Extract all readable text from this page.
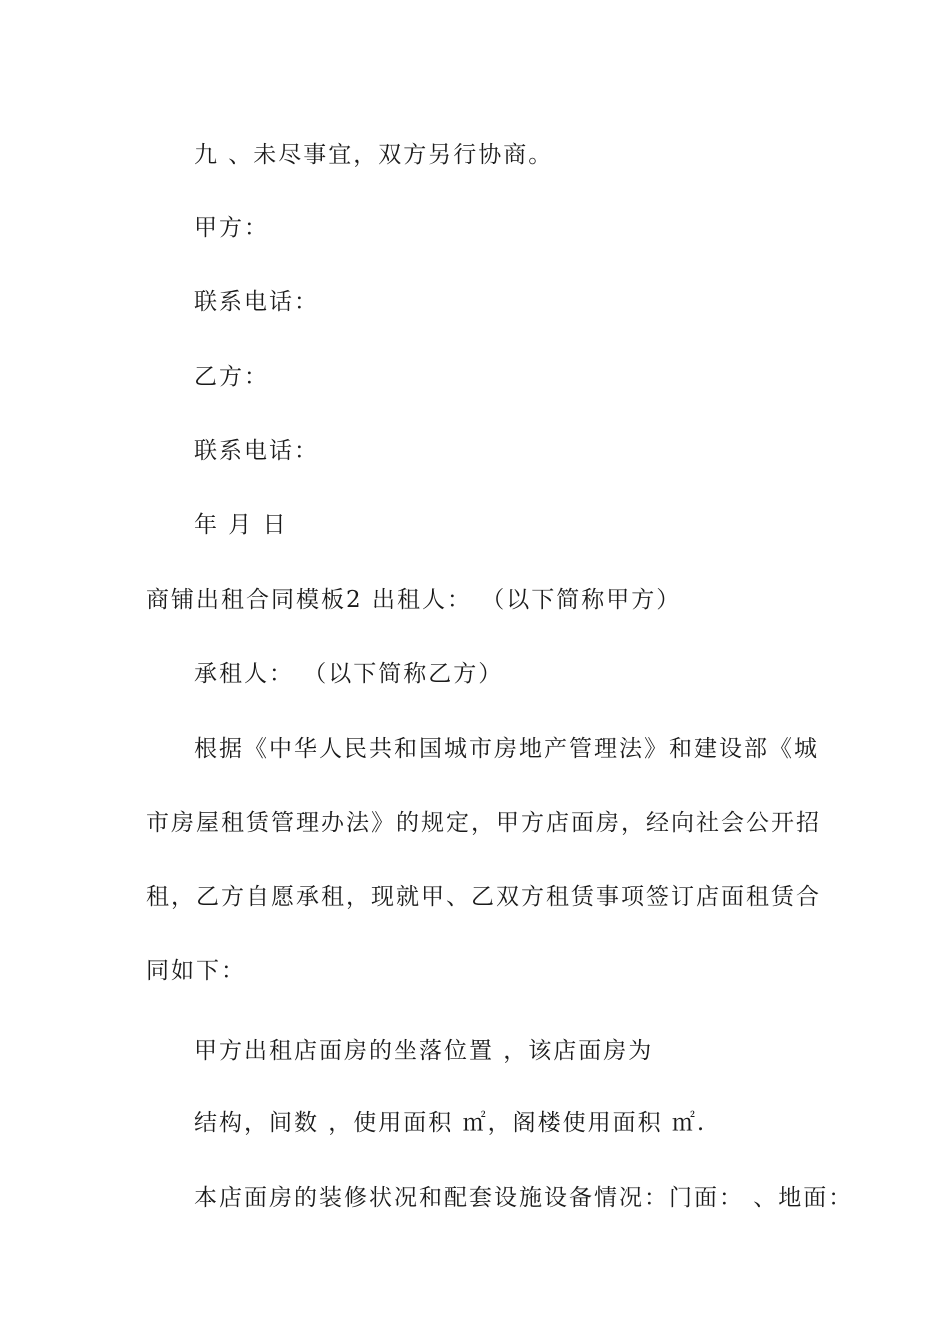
九 、未尽事宜，双方另行协商。
甲方：
联系电话：
乙方：
联系电话：
年 月 日
商铺出租合同模板2 出租人： （以下简称甲方）
承租人： （以下简称乙方）
根据《中华人民共和国城市房地产管理法》和建设部《城
市房屋租赁管理办法》的规定，甲方店面房，经向社会公开招
租，乙方自愿承租，现就甲、乙双方租赁事项签订店面租赁合
同如下：
甲方出租店面房的坐落位置 ，该店面房为
结构，间数 ，使用面积 ㎡，阁楼使用面积 ㎡.
本店面房的装修状况和配套设施设备情况：门面： 、地面：
